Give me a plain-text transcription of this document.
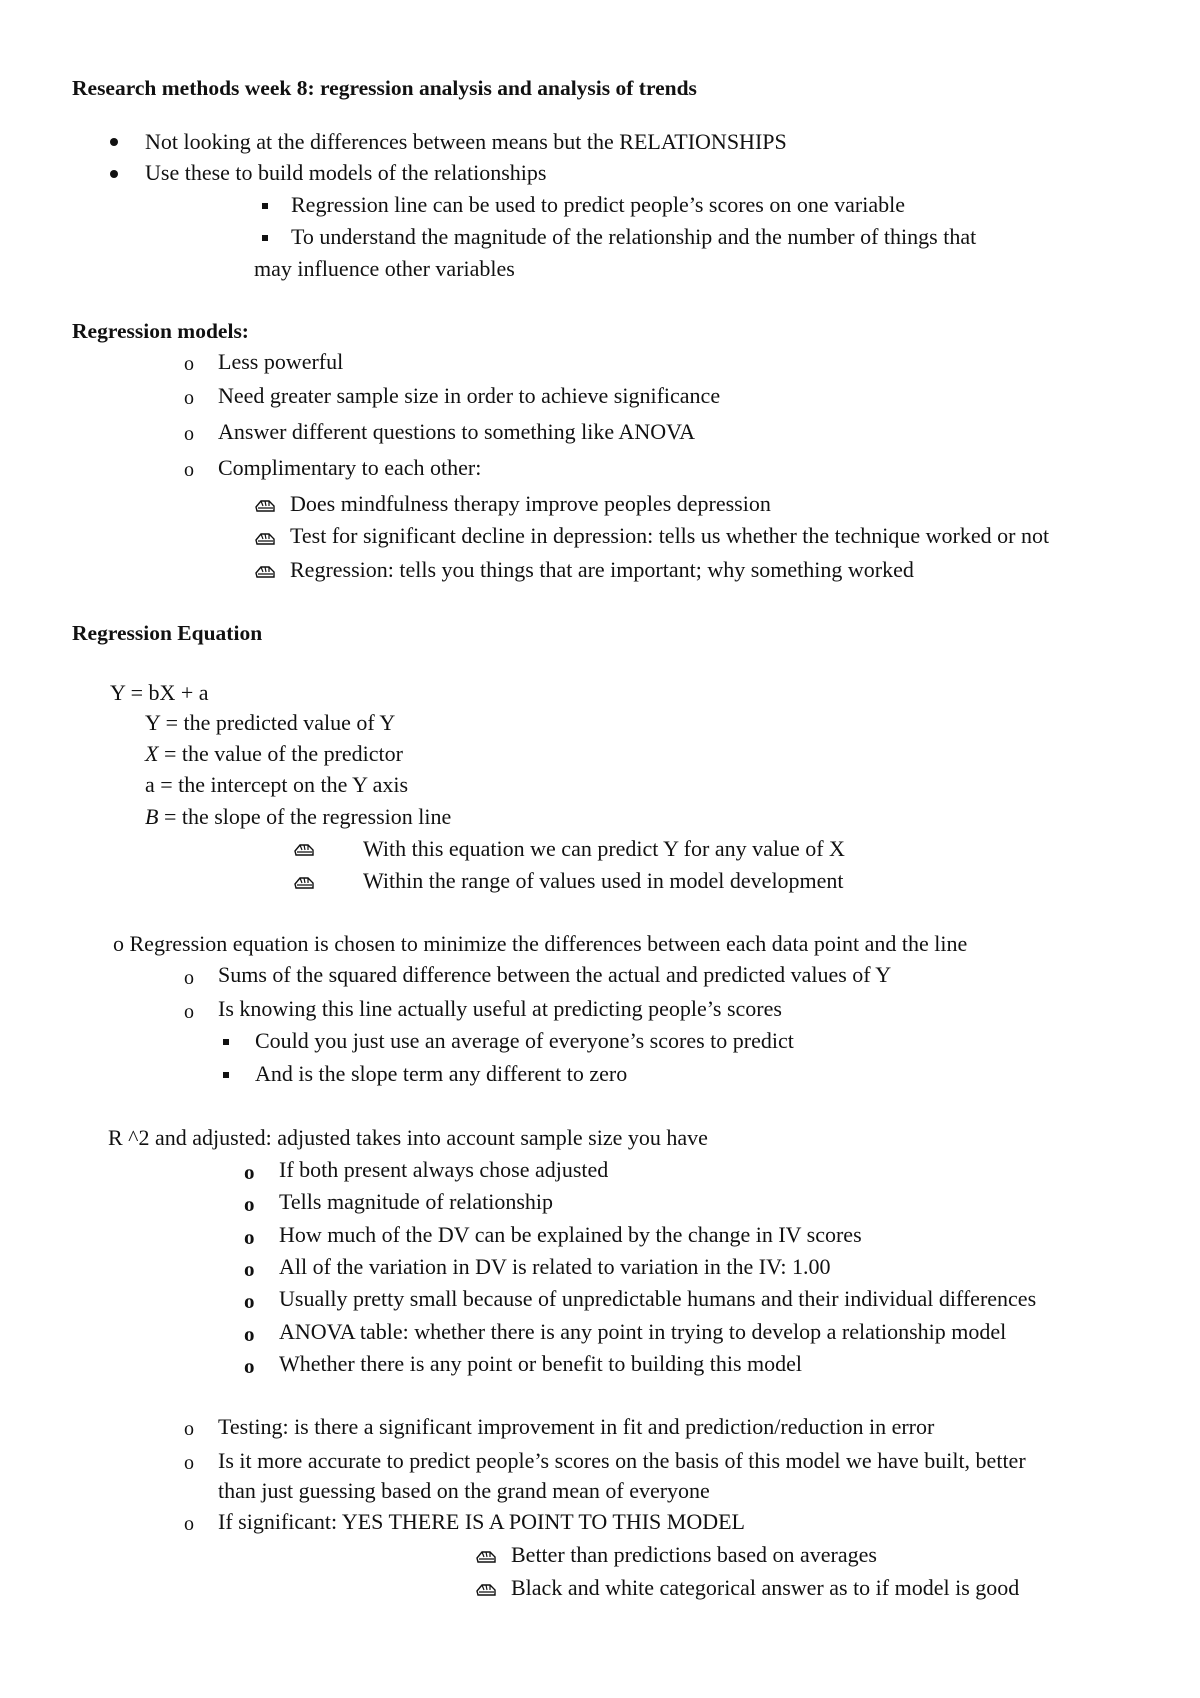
Research methods week 8: regression analysis and analysis of trends
Not looking at the differences between means but the RELATIONSHIPS
Use these to build models of the relationships
Regression line can be used to predict people’s scores on one variable
To understand the magnitude of the relationship and the number of things that
may influence other variables
Regression models:
o Less powerful
o Need greater sample size in order to achieve significance
o Answer different questions to something like ANOVA
o Complimentary to each other:
Does mindfulness therapy improve peoples depression
Test for significant decline in depression: tells us whether the technique worked or not
Regression: tells you things that are important; why something worked
Regression Equation
Y = bX + a
Y = the predicted value of Y
X = the value of the predictor
a = the intercept on the Y axis
B = the slope of the regression line
With this equation we can predict Y for any value of X
Within the range of values used in model development
o Regression equation is chosen to minimize the differences between each data point and the line
o Sums of the squared difference between the actual and predicted values of Y
o Is knowing this line actually useful at predicting people’s scores
Could you just use an average of everyone’s scores to predict
And is the slope term any different to zero
R ^2 and adjusted: adjusted takes into account sample size you have
o If both present always chose adjusted
o Tells magnitude of relationship
o How much of the DV can be explained by the change in IV scores
o All of the variation in DV is related to variation in the IV: 1.00
o Usually pretty small because of unpredictable humans and their individual differences
o ANOVA table: whether there is any point in trying to develop a relationship model
o Whether there is any point or benefit to building this model
o Testing: is there a significant improvement in fit and prediction/reduction in error
o Is it more accurate to predict people’s scores on the basis of this model we have built, better
than just guessing based on the grand mean of everyone
o If significant: YES THERE IS A POINT TO THIS MODEL
Better than predictions based on averages
Black and white categorical answer as to if model is good
